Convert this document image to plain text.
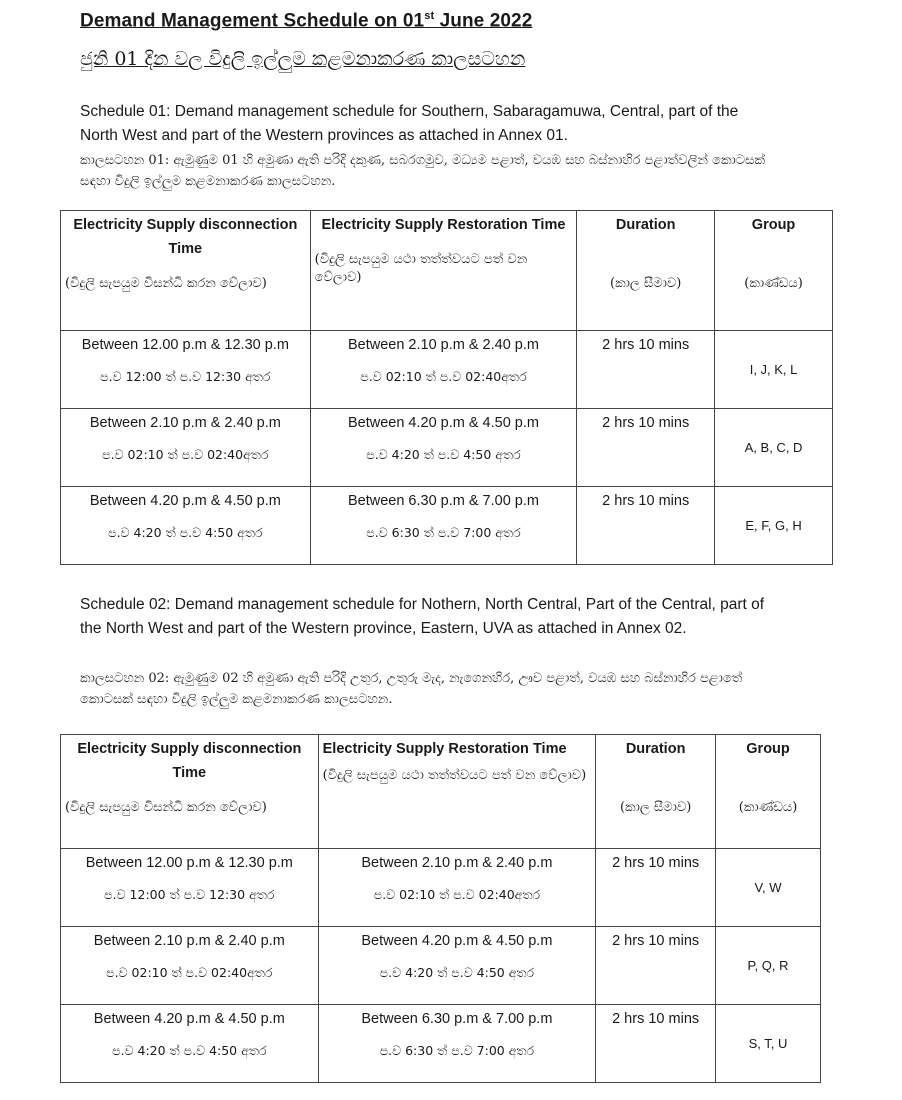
Demand Management Schedule on 01st June 2022
ජුනි 01 දින වල විදුලි ඉල්ලුම කළමනාකරණ කාලසටහන
Schedule 01: Demand management schedule for Southern, Sabaragamuwa, Central, part of the North West and part of the Western provinces as attached in Annex 01.
කාලසටහන 01: ඇමුණුම 01 හි අමුණා ඇති පරිදි දකුණ, සබරගමුව, මධ්‍යම පළාත්, වයඹ සහ බස්නාහිර පළාත්වලින් කොටසක් සඳහා විදුලි ඉල්ලුම කළමනාකරණ කාලසටහන.
Electricity Supply disconnection Time
(විදුලි සැපයුම විසන්ධි කරන වේලාව)	Electricity Supply Restoration Time
(විදුලි සැපයුම යථා තත්ත්වයට පත් වන වේලාව)	Duration
(කාල සීමාව)	Group
(කාණ්ඩය)

Between 12.00 p.m & 12.30 p.m
ප.ව 12:00 ත් ප.ව 12:30 අතර	Between 2.10 p.m & 2.40 p.m
ප.ව 02:10 ත් ප.ව 02:40අතර	2 hrs 10 mins	I, J, K, L

Between 2.10 p.m & 2.40 p.m
ප.ව 02:10 ත් ප.ව 02:40අතර	Between 4.20 p.m & 4.50 p.m
ප.ව 4:20 ත් ප.ව 4:50 අතර	2 hrs 10 mins	A, B, C, D

Between 4.20 p.m & 4.50 p.m
ප.ව 4:20 ත් ප.ව 4:50 අතර	Between 6.30 p.m & 7.00 p.m
ප.ව 6:30 ත් ප.ව 7:00 අතර	2 hrs 10 mins	E, F, G, H
Schedule 02: Demand management schedule for Nothern, North Central, Part of the Central, part of the North West and part of the Western province, Eastern, UVA as attached in Annex 02.
කාලසටහන 02: ඇමුණුම 02 හි අමුණා ඇති පරිදි උතුර, උතුරු මැද, නැගෙනහිර, ඌව පළාත්, වයඹ සහ බස්නාහිර පළාතේ කොටසක් සඳහා විදුලි ඉල්ලුම කළමනාකරණ කාලසටහන.
Electricity Supply disconnection Time
(විදුලි සැපයුම විසන්ධි කරන වේලාව)	Electricity Supply Restoration Time
(විදුලි සැපයුම යථා තත්ත්වයට පත් වන වේලාව)	Duration
(කාල සීමාව)	Group
(කාණ්ඩය)

Between 12.00 p.m & 12.30 p.m
ප.ව 12:00 ත් ප.ව 12:30 අතර	Between 2.10 p.m & 2.40 p.m
ප.ව 02:10 ත් ප.ව 02:40අතර	2 hrs 10 mins	V, W

Between 2.10 p.m & 2.40 p.m
ප.ව 02:10 ත් ප.ව 02:40අතර	Between 4.20 p.m & 4.50 p.m
ප.ව 4:20 ත් ප.ව 4:50 අතර	2 hrs 10 mins	P, Q, R

Between 4.20 p.m & 4.50 p.m
ප.ව 4:20 ත් ප.ව 4:50 අතර	Between 6.30 p.m & 7.00 p.m
ප.ව 6:30 ත් ප.ව 7:00 අතර	2 hrs 10 mins	S, T, U
